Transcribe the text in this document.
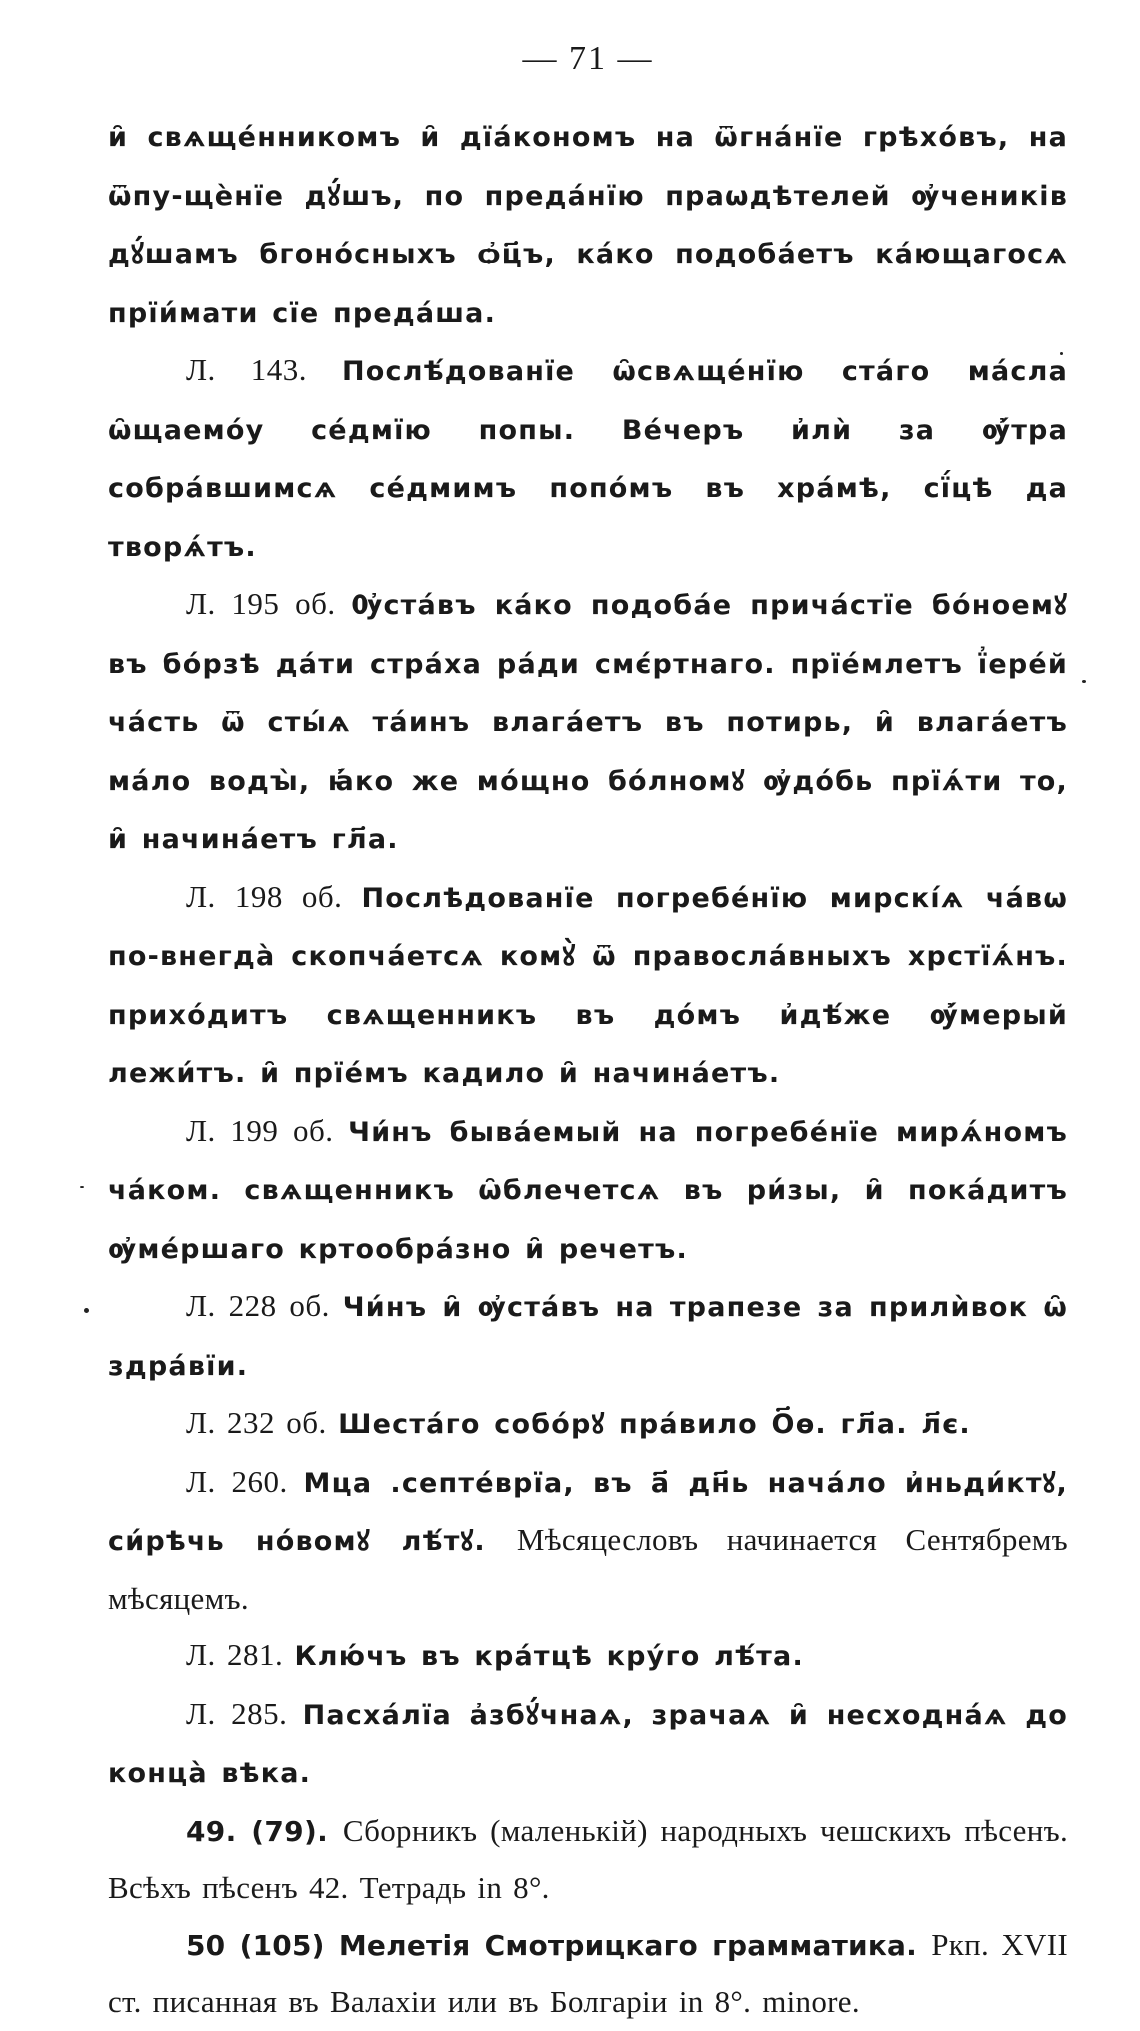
— 71 —

и̑ свѧще́нникомъ и̑ дїа́кономъ на ѿгна́нїе грѣхо́въ, на ѿпу-щѐнїе дꙋ́шъ, по преда́нїю праѡдѣтелей ѹ҆чеників дꙋ́шамъ бгоно́сныхъ ѻ҆ц҃ъ, ка́ко подоба́етъ ка́ющагосѧ прїи́мати сїе преда́ша.

Л. 143. Послѣ́дованїе ѡ̑свѧще́нїю ста́го ма́сла ѡ̑щаемо́у се́дмїю попы. Ве́черъ и҆лѝ за ѹ҆́тра собра́вшимсѧ се́дмимъ попо́мъ въ хра́мѣ, сї́цѣ да творѧ́тъ.

Л. 195 об. Ѹ҆ста́въ ка́ко подоба́е прича́стїе бо́ноемꙋ въ бо́рзѣ да́ти стра́ха ра́ди смє́ртнаго. прїе́млетъ ї҆ере́й ча́сть ѿ сты́ѧ та́инъ влага́етъ въ потирь, и̑ влага́етъ ма́ло водꙑ̀, ꙗ҆́ко же мо́щно бо́лномꙋ ѹ҆до́бь прїѧ́ти то, и̑ начина́етъ гл҃а.

Л. 198 об. Послѣдованїе погребе́нїю мирскі́ѧ ча́вѡ по-внегда̀ скопча́етсѧ комꙋ̀ ѿ правосла́вныхъ хрстїѧ́нъ. прихо́дитъ свѧщенникъ въ до́мъ и҆дѣ́же ѹ҆́мерый лежи́тъ. и̑ прїе́мъ кадило и̑ начина́етъ.

Л. 199 об. Чи́нъ быва́емый на погребе́нїе мирѧ́номъ ча́ком. свѧщенникъ ѡ̑блечетсѧ въ ри́зы, и̑ пока́дитъ ѹ҆ме́ршаго кртообра́зно и̑ речетъ.

Л. 228 об. Чи́нъ и̑ ѹ҆ста́въ на трапезе за прилѝвок ѡ̑ здра́вїи.

Л. 232 об. Шеста́го собо́рꙋ пра́вило О҃ѳ. гл҃а. л҃є.

Л. 260. Мца .септе́врїа, въ а҃ дн҃ь нача́ло и҆ньди́ктꙋ, си́рѣчь но́вомꙋ лѣ́тꙋ. Мѣсяцесловъ начинается Сентябремъ мѣсяцемъ.

Л. 281. Клю́чъ въ кра́тцѣ кру́го лѣ́та.

Л. 285. Пасха́лїа а҆збꙋ́чнаѧ, зрачаѧ и̑ несходна́ѧ до конца̀ вѣка.

49. (79). Сборникъ (маленькій) народныхъ чешскихъ пѣсенъ. Всѣхъ пѣсенъ 42. Тетрадь in 8°.

50 (105) Мелетія Смотрицкаго грамматика. Ркп. XVII ст. писанная въ Валахіи или въ Болгаріи in 8°. minore.
